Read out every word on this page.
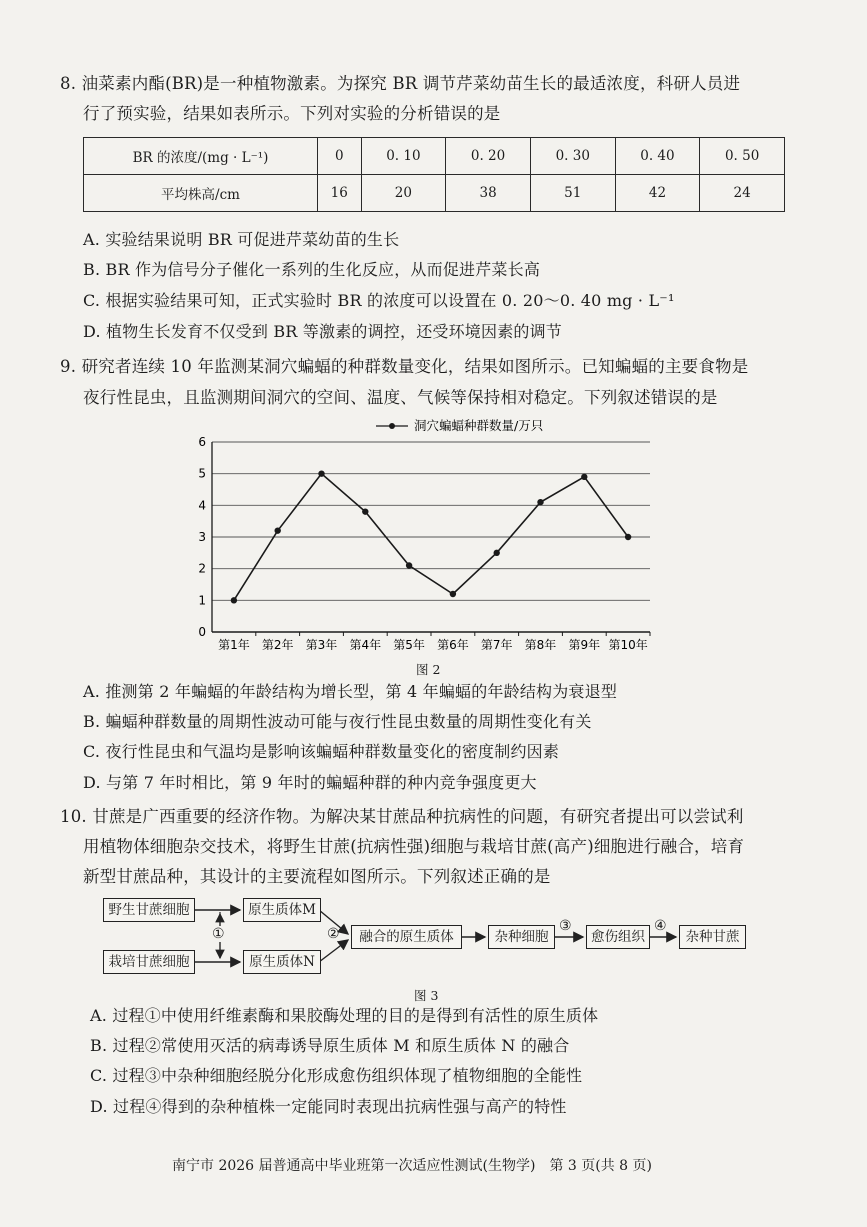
8. 油菜素内酯(BR)是一种植物激素。为探究 BR 调节芹菜幼苗生长的最适浓度，科研人员进
行了预实验，结果如表所示。下列对实验的分析错误的是
BR 的浓度/(mg · L⁻¹)	0	0. 10	0. 20	0. 30	0. 40	0. 50
平均株高/cm	16	20	38	51	42	24
A. 实验结果说明 BR 可促进芹菜幼苗的生长
B. BR 作为信号分子催化一系列的生化反应，从而促进芹菜长高
C. 根据实验结果可知，正式实验时 BR 的浓度可以设置在 0. 20～0. 40 mg · L⁻¹
D. 植物生长发育不仅受到 BR 等激素的调控，还受环境因素的调节
9. 研究者连续 10 年监测某洞穴蝙蝠的种群数量变化，结果如图所示。已知蝙蝠的主要食物是
夜行性昆虫，且监测期间洞穴的空间、温度、气候等保持相对稳定。下列叙述错误的是
0
1
2
3
4
5
6
第1年 第2年 第3年 第4年 第5年 第6年 第7年 第8年 第9年 第10年
洞穴蝙蝠种群数量/万只
图 2
A. 推测第 2 年蝙蝠的年龄结构为增长型，第 4 年蝙蝠的年龄结构为衰退型
B. 蝙蝠种群数量的周期性波动可能与夜行性昆虫数量的周期性变化有关
C. 夜行性昆虫和气温均是影响该蝙蝠种群数量变化的密度制约因素
D. 与第 7 年时相比，第 9 年时的蝙蝠种群的种内竞争强度更大
10. 甘蔗是广西重要的经济作物。为解决某甘蔗品种抗病性的问题，有研究者提出可以尝试利
用植物体细胞杂交技术，将野生甘蔗(抗病性强)细胞与栽培甘蔗(高产)细胞进行融合，培育
新型甘蔗品种，其设计的主要流程如图所示。下列叙述正确的是
野生甘蔗细胞
栽培甘蔗细胞
原生质体M
原生质体N
融合的原生质体	杂种细胞	愈伤组织	杂种甘蔗
①	②	③	④
图 3
A. 过程①中使用纤维素酶和果胶酶处理的目的是得到有活性的原生质体
B. 过程②常使用灭活的病毒诱导原生质体 M 和原生质体 N 的融合
C. 过程③中杂种细胞经脱分化形成愈伤组织体现了植物细胞的全能性
D. 过程④得到的杂种植株一定能同时表现出抗病性强与高产的特性
南宁市 2026 届普通高中毕业班第一次适应性测试(生物学)　第 3 页(共 8 页)
